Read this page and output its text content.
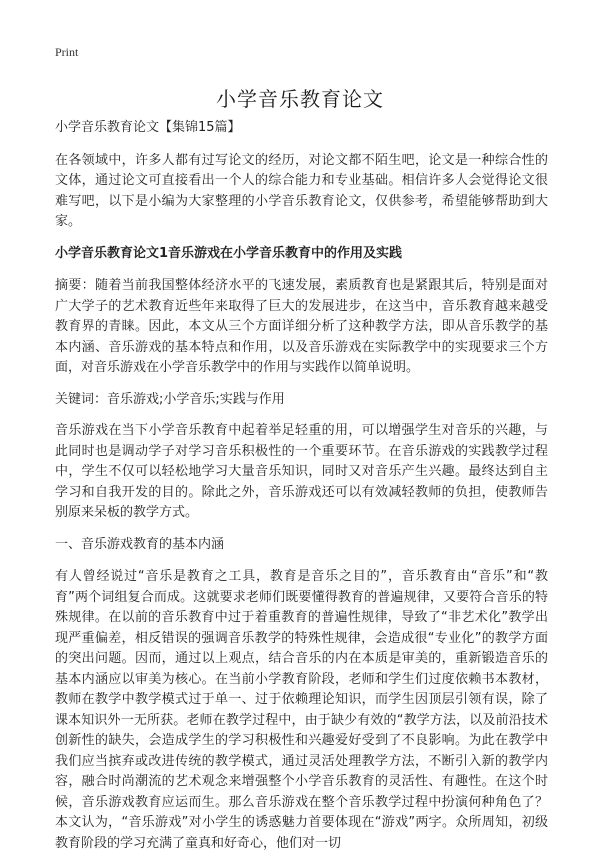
Print
小学音乐教育论文

小学音乐教育论文【集锦15篇】

在各领域中，许多人都有过写论文的经历，对论文都不陌生吧，论文是一种综合性的文体，通过论文可直接看出一个人的综合能力和专业基础。相信许多人会觉得论文很难写吧，以下是小编为大家整理的小学音乐教育论文，仅供参考，希望能够帮助到大家。

小学音乐教育论文1音乐游戏在小学音乐教育中的作用及实践

摘要：随着当前我国整体经济水平的飞速发展，素质教育也是紧跟其后，特别是面对广大学子的艺术教育近些年来取得了巨大的发展进步，在这当中，音乐教育越来越受教育界的青睐。因此，本文从三个方面详细分析了这种教学方法，即从音乐教学的基本内涵、音乐游戏的基本特点和作用，以及音乐游戏在实际教学中的实现要求三个方面，对音乐游戏在小学音乐教学中的作用与实践作以简单说明。

关键词：音乐游戏;小学音乐;实践与作用

音乐游戏在当下小学音乐教育中起着举足轻重的用，可以增强学生对音乐的兴趣，与此同时也是调动学子对学习音乐积极性的一个重要环节。在音乐游戏的实践教学过程中，学生不仅可以轻松地学习大量音乐知识，同时又对音乐产生兴趣。最终达到自主学习和自我开发的目的。除此之外，音乐游戏还可以有效减轻教师的负担，使教师告别原来呆板的教学方式。

一、音乐游戏教育的基本内涵

有人曾经说过“音乐是教育之工具，教育是音乐之目的”，音乐教育由“音乐”和“教育”两个词组复合而成。这就要求老师们既要懂得教育的普遍规律，又要符合音乐的特殊规律。在以前的音乐教育中过于着重教育的普遍性规律，导致了“非艺术化”教学出现严重偏差，相反错误的强调音乐教学的特殊性规律，会造成很“专业化”的教学方面的突出问题。因而，通过以上观点，结合音乐的内在本质是审美的，重新锻造音乐的基本内涵应以审美为核心。在当前小学教育阶段，老师和学生们过度依赖书本教材，教师在教学中教学模式过于单一、过于依赖理论知识，而学生因顶层引领有误，除了课本知识外一无所获。老师在教学过程中，由于缺少有效的“教学方法，以及前沿技术创新性的缺失，会造成学生的学习积极性和兴趣爱好受到了不良影响。为此在教学中我们应当摈弃或改进传统的教学模式，通过灵活处理教学方法，不断引入新的教学内容，融合时尚潮流的艺术观念来增强整个小学音乐教育的灵活性、有趣性。在这个时候，音乐游戏教育应运而生。那么音乐游戏在整个音乐教学过程中扮演何种角色了？本文认为，“音乐游戏”对小学生的诱惑魅力首要体现在“游戏”两字。众所周知，初级教育阶段的学习充满了童真和好奇心，他们对一切
